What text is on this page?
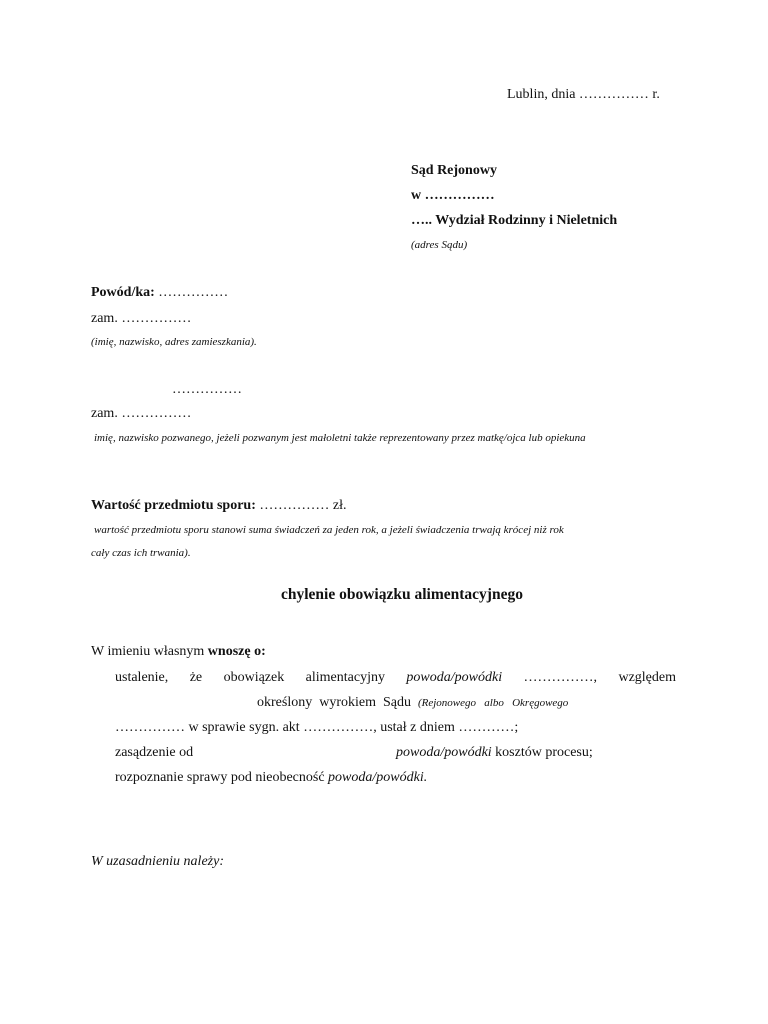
Lublin, dnia …………… r.
Sąd Rejonowy
w ……………
….. Wydział Rodzinny i Nieletnich
(adres Sądu)
Powód/ka: ……………
zam. ……………
(imię, nazwisko, adres zamieszkania).
……………
zam. ……………
imię, nazwisko pozwanego, jeżeli pozwanym jest małoletni także reprezentowany przez matkę/ojca lub opiekuna
Wartość przedmiotu sporu: …………… zł.
wartość przedmiotu sporu stanowi suma świadczeń za jeden rok, a jeżeli świadczenia trwają krócej niż rok
cały czas ich trwania).
chylenie obowiązku alimentacyjnego
W imieniu własnym wnoszę o:
ustalenie, że obowiązek alimentacyjny powoda/powódki ……………, względem
określony wyrokiem Sądu (Rejonowego   albo   Okręgowego
…………… w sprawie sygn. akt ……………, ustał z dniem …………;
zasądzenie od	powoda/powódki kosztów procesu;
rozpoznanie sprawy pod nieobecność powoda/powódki.
W uzasadnieniu należy:
